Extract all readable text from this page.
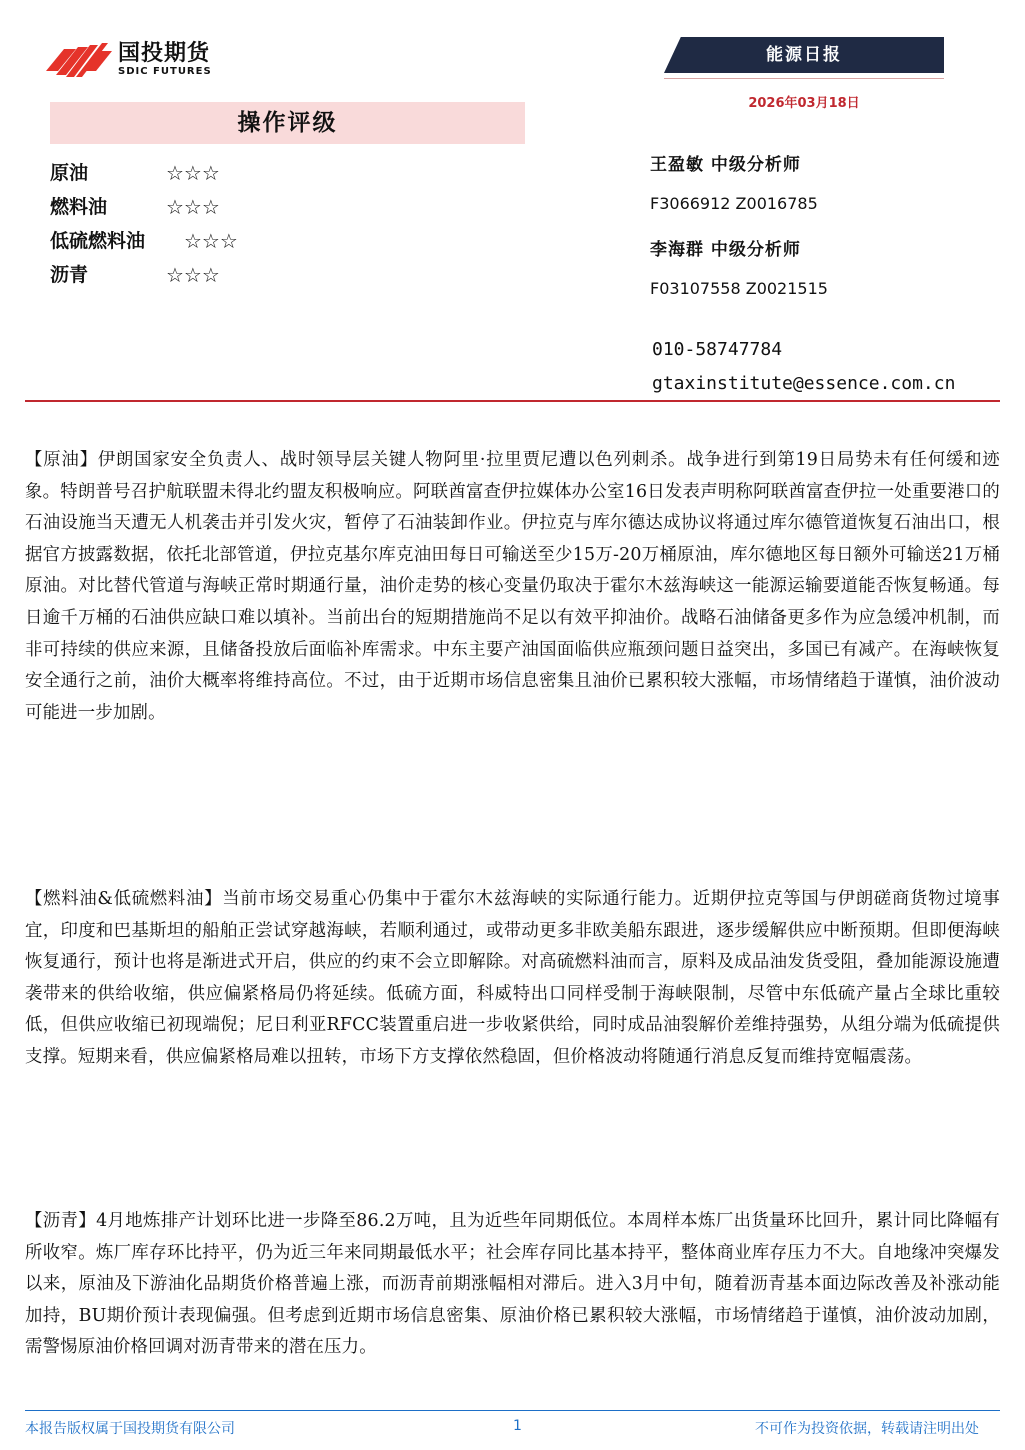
国投期货
SDIC FUTURES
能源日报
2026年03月18日
操作评级
原油	☆☆☆
燃料油	☆☆☆
低硫燃料油 ☆☆☆
沥青	☆☆☆
王盈敏 中级分析师
F3066912 Z0016785
李海群 中级分析师
F03107558 Z0021515
010-58747784
gtaxinstitute@essence.com.cn
【原油】伊朗国家安全负责人、战时领导层关键人物阿里·拉里贾尼遭以色列刺杀。战争进行到第19日局势未有任何缓和迹象。特朗普号召护航联盟未得北约盟友积极响应。阿联酋富查伊拉媒体办公室16日发表声明称阿联酋富查伊拉一处重要港口的石油设施当天遭无人机袭击并引发火灾，暂停了石油装卸作业。伊拉克与库尔德达成协议将通过库尔德管道恢复石油出口，根据官方披露数据，依托北部管道，伊拉克基尔库克油田每日可输送至少15万-20万桶原油，库尔德地区每日额外可输送21万桶原油。对比替代管道与海峡正常时期通行量，油价走势的核心变量仍取决于霍尔木兹海峡这一能源运输要道能否恢复畅通。每日逾千万桶的石油供应缺口难以填补。当前出台的短期措施尚不足以有效平抑油价。战略石油储备更多作为应急缓冲机制，而非可持续的供应来源，且储备投放后面临补库需求。中东主要产油国面临供应瓶颈问题日益突出，多国已有减产。在海峡恢复安全通行之前，油价大概率将维持高位。不过，由于近期市场信息密集且油价已累积较大涨幅，市场情绪趋于谨慎，油价波动可能进一步加剧。
【燃料油&低硫燃料油】当前市场交易重心仍集中于霍尔木兹海峡的实际通行能力。近期伊拉克等国与伊朗磋商货物过境事宜，印度和巴基斯坦的船舶正尝试穿越海峡，若顺利通过，或带动更多非欧美船东跟进，逐步缓解供应中断预期。但即便海峡恢复通行，预计也将是渐进式开启，供应的约束不会立即解除。对高硫燃料油而言，原料及成品油发货受阻，叠加能源设施遭袭带来的供给收缩，供应偏紧格局仍将延续。低硫方面，科威特出口同样受制于海峡限制，尽管中东低硫产量占全球比重较低，但供应收缩已初现端倪；尼日利亚RFCC装置重启进一步收紧供给，同时成品油裂解价差维持强势，从组分端为低硫提供支撑。短期来看，供应偏紧格局难以扭转，市场下方支撑依然稳固，但价格波动将随通行消息反复而维持宽幅震荡。
【沥青】4月地炼排产计划环比进一步降至86.2万吨，且为近些年同期低位。本周样本炼厂出货量环比回升，累计同比降幅有所收窄。炼厂库存环比持平，仍为近三年来同期最低水平；社会库存同比基本持平，整体商业库存压力不大。自地缘冲突爆发以来，原油及下游油化品期货价格普遍上涨，而沥青前期涨幅相对滞后。进入3月中旬，随着沥青基本面边际改善及补涨动能加持，BU期价预计表现偏强。但考虑到近期市场信息密集、原油价格已累积较大涨幅，市场情绪趋于谨慎，油价波动加剧，需警惕原油价格回调对沥青带来的潜在压力。
本报告版权属于国投期货有限公司	1	不可作为投资依据，转载请注明出处
